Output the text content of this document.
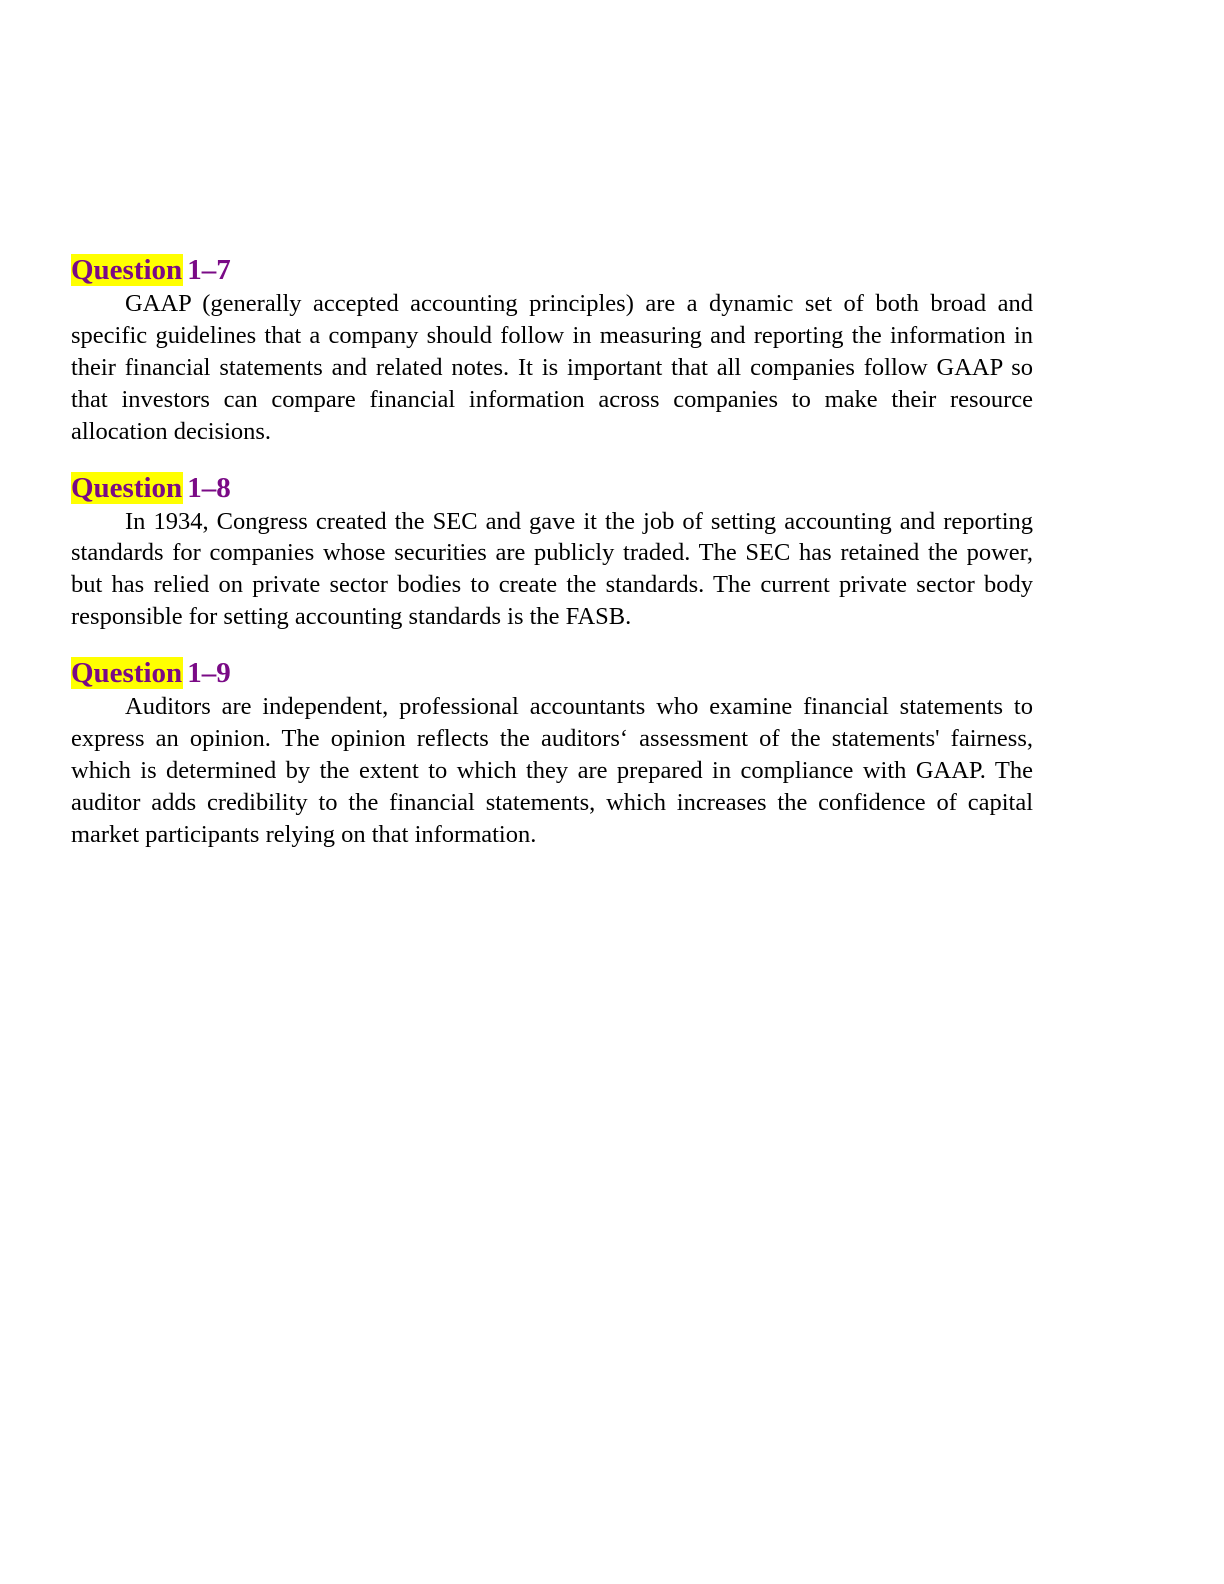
Question 1–7

GAAP (generally accepted accounting principles) are a dynamic set of both broad and specific guidelines that a company should follow in measuring and reporting the information in their financial statements and related notes. It is important that all companies follow GAAP so that investors can compare financial information across companies to make their resource allocation decisions.

Question 1–8

In 1934, Congress created the SEC and gave it the job of setting accounting and reporting standards for companies whose securities are publicly traded. The SEC has retained the power, but has relied on private sector bodies to create the standards. The current private sector body responsible for setting accounting standards is the FASB.

Question 1–9

Auditors are independent, professional accountants who examine financial statements to express an opinion. The opinion reflects the auditors‘ assessment of the statements' fairness, which is determined by the extent to which they are prepared in compliance with GAAP. The auditor adds credibility to the financial statements, which increases the confidence of capital market participants relying on that information.
